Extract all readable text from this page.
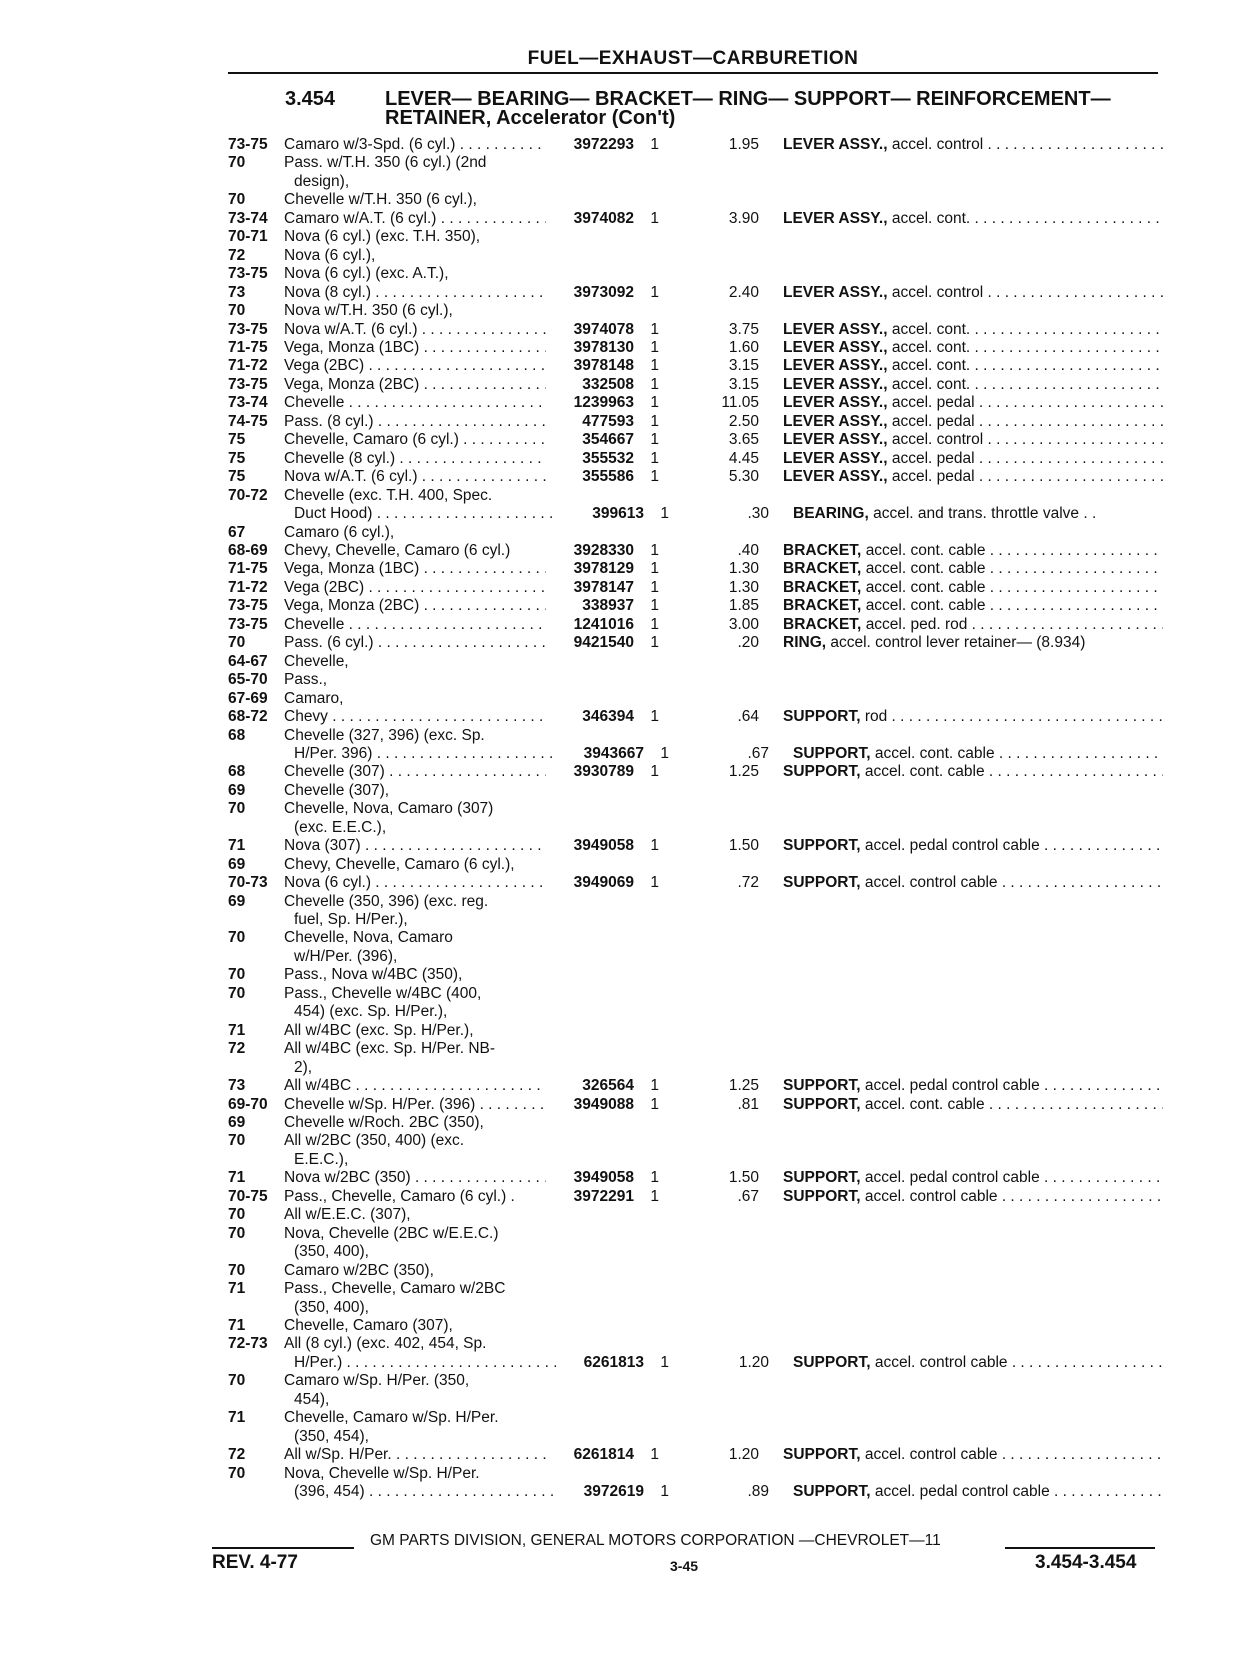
FUEL—EXHAUST—CARBURETION
3.454 LEVER— BEARING— BRACKET— RING— SUPPORT— REINFORCEMENT—
RETAINER, Accelerator (Con't)
73-75	Camaro w/3-Spd. (6 cyl.) . . .	3972293	1	1.95	LEVER ASSY., accel. control . . .
70	Pass. w/T.H. 350 (6 cyl.) (2nd
design),
70	Chevelle w/T.H. 350 (6 cyl.),
73-74	Camaro w/A.T. (6 cyl.) . . .	3974082	1	3.90	LEVER ASSY., accel. cont. . . .
70-71	Nova (6 cyl.) (exc. T.H. 350),
72	Nova (6 cyl.),
73-75	Nova (6 cyl.) (exc. A.T.),
73	Nova (8 cyl.) . . .	3973092	1	2.40	LEVER ASSY., accel. control . . .
70	Nova w/T.H. 350 (6 cyl.),
73-75	Nova w/A.T. (6 cyl.) . . .	3974078	1	3.75	LEVER ASSY., accel. cont. . . .
71-75	Vega, Monza (1BC) . . .	3978130	1	1.60	LEVER ASSY., accel. cont. . . .
71-72	Vega (2BC) . . .	3978148	1	3.15	LEVER ASSY., accel. cont. . . .
73-75	Vega, Monza (2BC) . . .	332508	1	3.15	LEVER ASSY., accel. cont. . . .
73-74	Chevelle . . .	1239963	1	11.05	LEVER ASSY., accel. pedal . . .
74-75	Pass. (8 cyl.) . . .	477593	1	2.50	LEVER ASSY., accel. pedal . . .
75	Chevelle, Camaro (6 cyl.) . . .	354667	1	3.65	LEVER ASSY., accel. control . . .
75	Chevelle (8 cyl.) . . .	355532	1	4.45	LEVER ASSY., accel. pedal . . .
75	Nova w/A.T. (6 cyl.) . . .	355586	1	5.30	LEVER ASSY., accel. pedal . . .
70-72	Chevelle (exc. T.H. 400, Spec.
Duct Hood) . . .	399613	1	.30	BEARING, accel. and trans. throttle valve . .
67	Camaro (6 cyl.),
68-69	Chevy, Chevelle, Camaro (6 cyl.)	3928330	1	.40	BRACKET, accel. cont. cable . . .
71-75	Vega, Monza (1BC) . . .	3978129	1	1.30	BRACKET, accel. cont. cable . . .
71-72	Vega (2BC) . . .	3978147	1	1.30	BRACKET, accel. cont. cable . . .
73-75	Vega, Monza (2BC) . . .	338937	1	1.85	BRACKET, accel. cont. cable . . .
73-75	Chevelle . . .	1241016	1	3.00	BRACKET, accel. ped. rod . . .
70	Pass. (6 cyl.) . . .	9421540	1	.20	RING, accel. control lever retainer— (8.934)
64-67	Chevelle,
65-70	Pass.,
67-69	Camaro,
68-72	Chevy . . .	346394	1	.64	SUPPORT, rod . . .
68	Chevelle (327, 396) (exc. Sp.
H/Per. 396) . . .	3943667	1	.67	SUPPORT, accel. cont. cable . . .
68	Chevelle (307) . . .	3930789	1	1.25	SUPPORT, accel. cont. cable . . .
69	Chevelle (307),
70	Chevelle, Nova, Camaro (307)
(exc. E.E.C.),
71	Nova (307) . . .	3949058	1	1.50	SUPPORT, accel. pedal control cable . . .
69	Chevy, Chevelle, Camaro (6 cyl.),
70-73	Nova (6 cyl.) . . .	3949069	1	.72	SUPPORT, accel. control cable . . .
69	Chevelle (350, 396) (exc. reg.
fuel, Sp. H/Per.),
70	Chevelle, Nova, Camaro
w/H/Per. (396),
70	Pass., Nova w/4BC (350),
70	Pass., Chevelle w/4BC (400,
454) (exc. Sp. H/Per.),
71	All w/4BC (exc. Sp. H/Per.),
72	All w/4BC (exc. Sp. H/Per. NB-
2),
73	All w/4BC . . .	326564	1	1.25	SUPPORT, accel. pedal control cable . . .
69-70	Chevelle w/Sp. H/Per. (396) . . .	3949088	1	.81	SUPPORT, accel. cont. cable . . .
69	Chevelle w/Roch. 2BC (350),
70	All w/2BC (350, 400) (exc.
E.E.C.),
71	Nova w/2BC (350) . . .	3949058	1	1.50	SUPPORT, accel. pedal control cable . . .
70-75	Pass., Chevelle, Camaro (6 cyl.) .	3972291	1	.67	SUPPORT, accel. control cable . . .
70	All w/E.E.C. (307),
70	Nova, Chevelle (2BC w/E.E.C.)
(350, 400),
70	Camaro w/2BC (350),
71	Pass., Chevelle, Camaro w/2BC
(350, 400),
71	Chevelle, Camaro (307),
72-73	All (8 cyl.) (exc. 402, 454, Sp.
H/Per.) . . .	6261813	1	1.20	SUPPORT, accel. control cable . . .
70	Camaro w/Sp. H/Per. (350,
454),
71	Chevelle, Camaro w/Sp. H/Per.
(350, 454),
72	All w/Sp. H/Per. . . .	6261814	1	1.20	SUPPORT, accel. control cable . . .
70	Nova, Chevelle w/Sp. H/Per.
(396, 454) . . .	3972619	1	.89	SUPPORT, accel. pedal control cable . . .
GM PARTS DIVISION, GENERAL MOTORS CORPORATION —CHEVROLET—11
REV. 4-77	3-45	3.454-3.454
